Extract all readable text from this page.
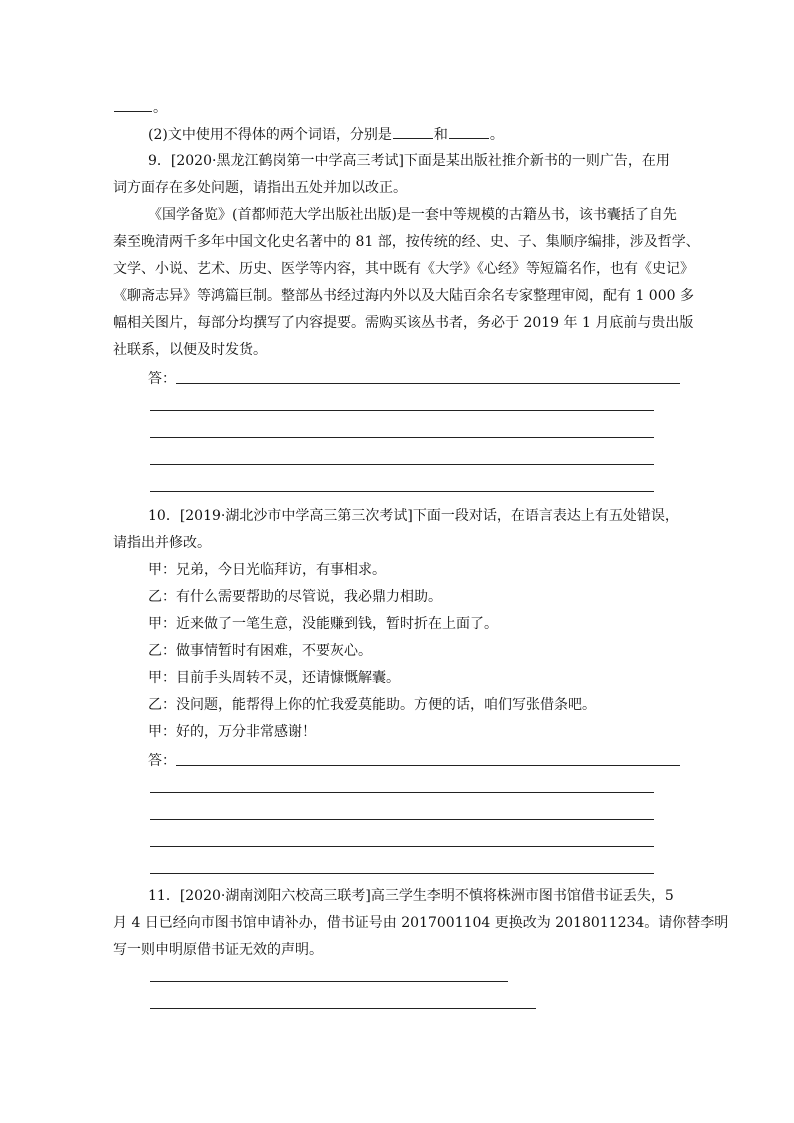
。
(2)文中使用不得体的两个词语，分别是	和	。
9．[2020·黑龙江鹤岗第一中学高三考试]下面是某出版社推介新书的一则广告，在用
词方面存在多处问题，请指出五处并加以改正。
《国学备览》(首都师范大学出版社出版)是一套中等规模的古籍丛书，该书囊括了自先
秦至晚清两千多年中国文化史名著中的 81 部，按传统的经、史、子、集顺序编排，涉及哲学、
文学、小说、艺术、历史、医学等内容，其中既有《大学》《心经》等短篇名作，也有《史记》
《聊斋志异》等鸿篇巨制。整部丛书经过海内外以及大陆百余名专家整理审阅，配有 1 000 多
幅相关图片，每部分均撰写了内容提要。需购买该丛书者，务必于 2019 年 1 月底前与贵出版
社联系，以便及时发货。
答：
10．[2019·湖北沙市中学高三第三次考试]下面一段对话，在语言表达上有五处错误，
请指出并修改。
甲：兄弟，今日光临拜访，有事相求。
乙：有什么需要帮助的尽管说，我必鼎力相助。
甲：近来做了一笔生意，没能赚到钱，暂时折在上面了。
乙：做事情暂时有困难，不要灰心。
甲：目前手头周转不灵，还请慷慨解囊。
乙：没问题，能帮得上你的忙我爱莫能助。方便的话，咱们写张借条吧。
甲：好的，万分非常感谢！
答：
11．[2020·湖南浏阳六校高三联考]高三学生李明不慎将株洲市图书馆借书证丢失，5
月 4 日已经向市图书馆申请补办，借书证号由 2017001104 更换改为 2018011234。请你替李明
写一则申明原借书证无效的声明。
